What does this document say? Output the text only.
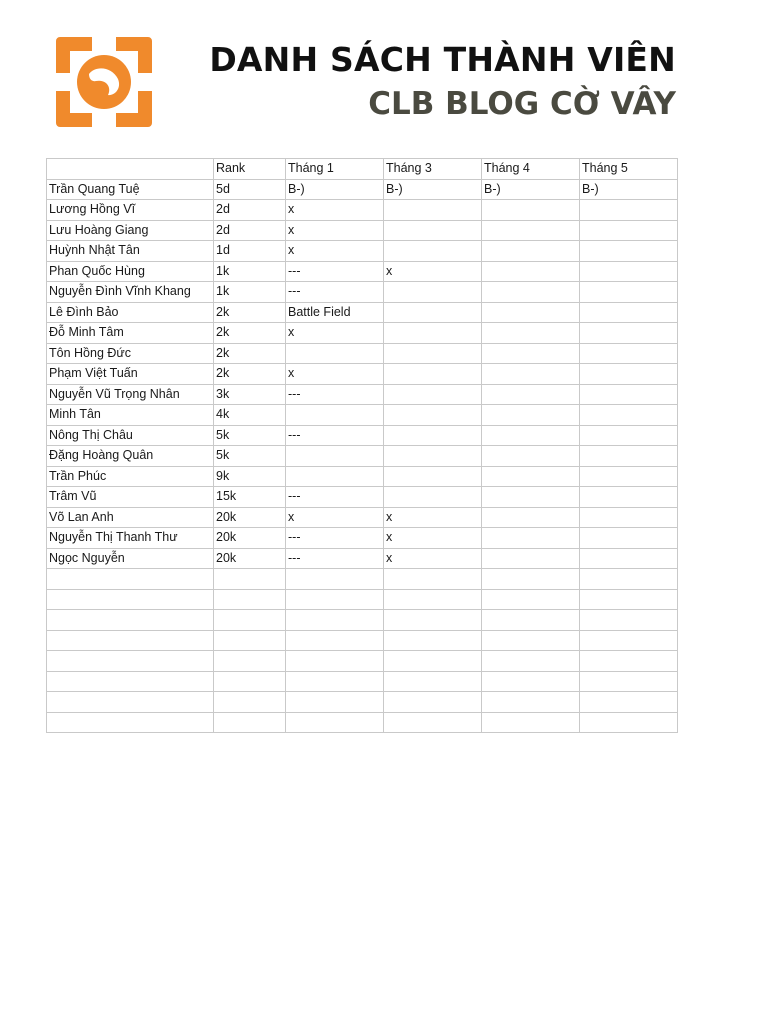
DANH SÁCH THÀNH VIÊN
CLB BLOG CỜ VÂY
	Rank	Tháng 1	Tháng 3	Tháng 4	Tháng 5
Trần Quang Tuệ	5d	B-)	B-)	B-)	B-)
Lương Hồng Vĩ	2d	x			
Lưu Hoàng Giang	2d	x			
Huỳnh Nhật Tân	1d	x			
Phan Quốc Hùng	1k	---	x		
Nguyễn Đình Vĩnh Khang	1k	---			
Lê Đình Bảo	2k	Battle Field			
Đỗ Minh Tâm	2k	x			
Tôn Hồng Đức	2k				
Phạm Việt Tuấn	2k	x			
Nguyễn Vũ Trọng Nhân	3k	---			
Minh Tân	4k				
Nông Thị Châu	5k	---			
Đặng Hoàng Quân	5k				
Trần Phúc	9k				
Trâm Vũ	15k	---			
Võ Lan Anh	20k	x	x		
Nguyễn Thị Thanh Thư	20k	---	x		
Ngọc Nguyễn	20k	---	x		
